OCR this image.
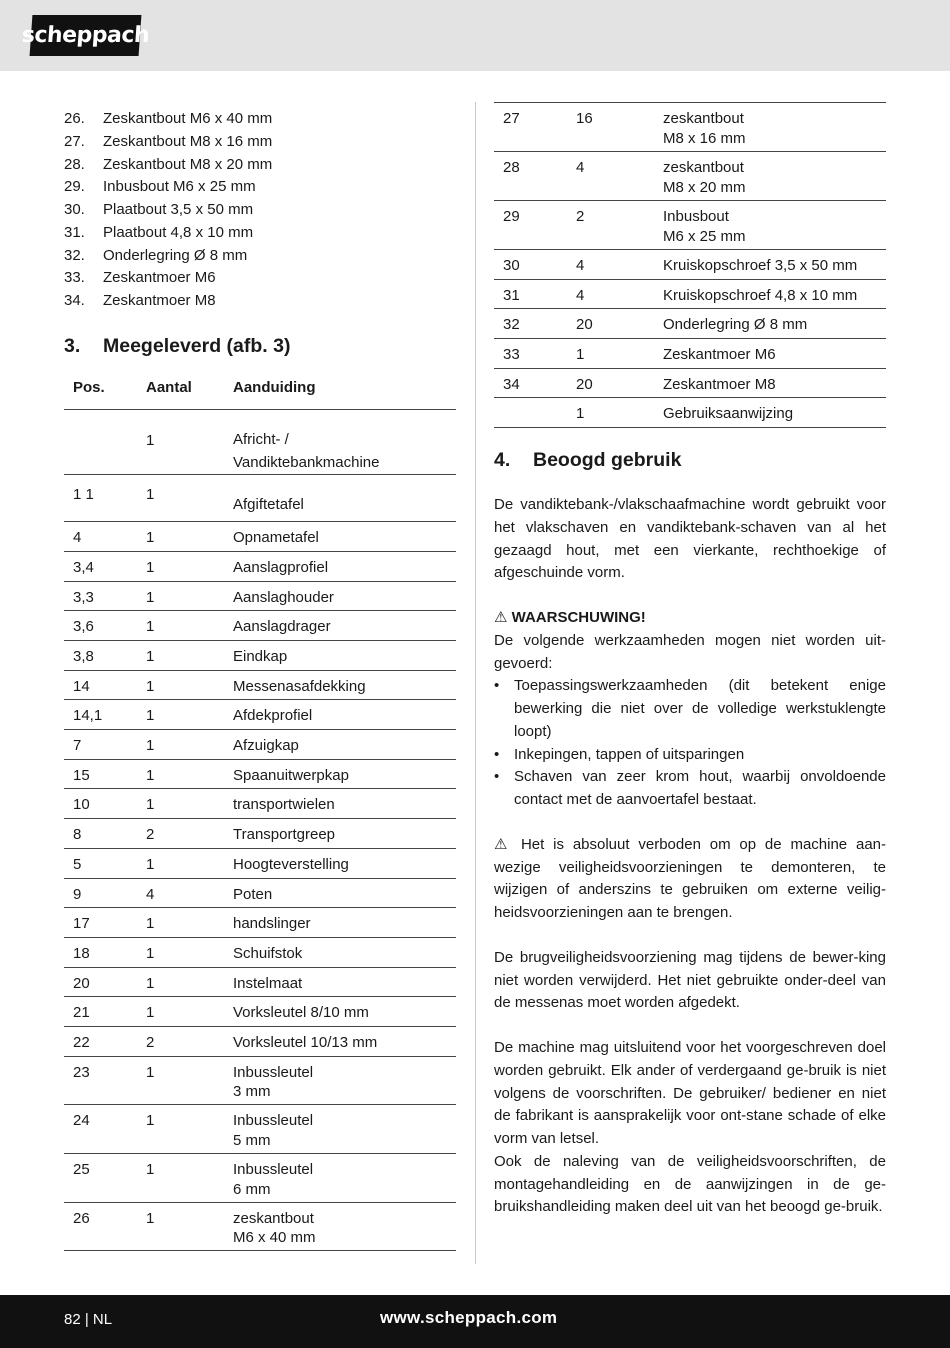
scheppach
26.	Zeskantbout M6 x 40 mm
27.	Zeskantbout M8 x 16 mm
28.	Zeskantbout M8 x 20 mm
29.	Inbusbout M6 x 25 mm
30.	Plaatbout 3,5 x 50 mm
31.	Plaatbout 4,8 x 10 mm
32.	Onderlegring Ø 8 mm
33.	Zeskantmoer M6
34.	Zeskantmoer M8
3.	Meegeleverd (afb. 3)
Pos.	Aantal	Aanduiding
	1	Africht- /
Vandiktebankmachine

1 1	1	Afgiftetafel

4	1	Opnametafel

3,4	1	Aanslagprofiel

3,3	1	Aanslaghouder

3,6	1	Aanslagdrager

3,8	1	Eindkap

14	1	Messenasafdekking

14,1	1	Afdekprofiel

7	1	Afzuigkap

15	1	Spaanuitwerpkap

10	1	transportwielen

8	2	Transportgreep

5	1	Hoogteverstelling

9	4	Poten

17	1	handslinger

18	1	Schuifstok

20	1	Instelmaat

21	1	Vorksleutel 8/10 mm

22	2	Vorksleutel 10/13 mm

23	1	Inbussleutel
3 mm

24	1	Inbussleutel
5 mm

25	1	Inbussleutel
6 mm

26	1	zeskantbout
M6 x 40 mm
27	16	zeskantbout
M8 x 16 mm

28	4	zeskantbout
M8 x 20 mm

29	2	Inbusbout
M6 x 25 mm

30	4	Kruiskopschroef 3,5 x 50 mm

31	4	Kruiskopschroef 4,8 x 10 mm

32	20	Onderlegring Ø 8 mm

33	1	Zeskantmoer M6

34	20	Zeskantmoer M8

	1	Gebruiksaanwijzing
4.	Beoogd gebruik

De vandiktebank-/vlakschaafmachine wordt gebruikt voor het vlakschaven en vandiktebank-schaven van al het gezaagd hout, met een vierkante, rechthoekige of afgeschuinde vorm.

⚠ WAARSCHUWING!

De volgende werkzaamheden mogen niet worden uit-gevoerd:

• Toepassingswerkzaamheden (dit betekent enige bewerking die niet over de volledige werkstuklengte loopt)
• Inkepingen, tappen of uitsparingen
• Schaven van zeer krom hout, waarbij onvoldoende contact met de aanvoertafel bestaat.

⚠ Het is absoluut verboden om op de machine aan-wezige veiligheidsvoorzieningen te demonteren, te wijzigen of anderszins te gebruiken om externe veilig-heidsvoorzieningen aan te brengen.

De brugveiligheidsvoorziening mag tijdens de bewer-king niet worden verwijderd. Het niet gebruikte onder-deel van de messenas moet worden afgedekt.

De machine mag uitsluitend voor het voorgeschreven doel worden gebruikt. Elk ander of verdergaand ge-bruik is niet volgens de voorschriften. De gebruiker/ bediener en niet de fabrikant is aansprakelijk voor ont-stane schade of elke vorm van letsel.

Ook de naleving van de veiligheidsvoorschriften, de montagehandleiding en de aanwijzingen in de ge-bruikshandleiding maken deel uit van het beoogd ge-bruik.

82 | NL	www.scheppach.com
